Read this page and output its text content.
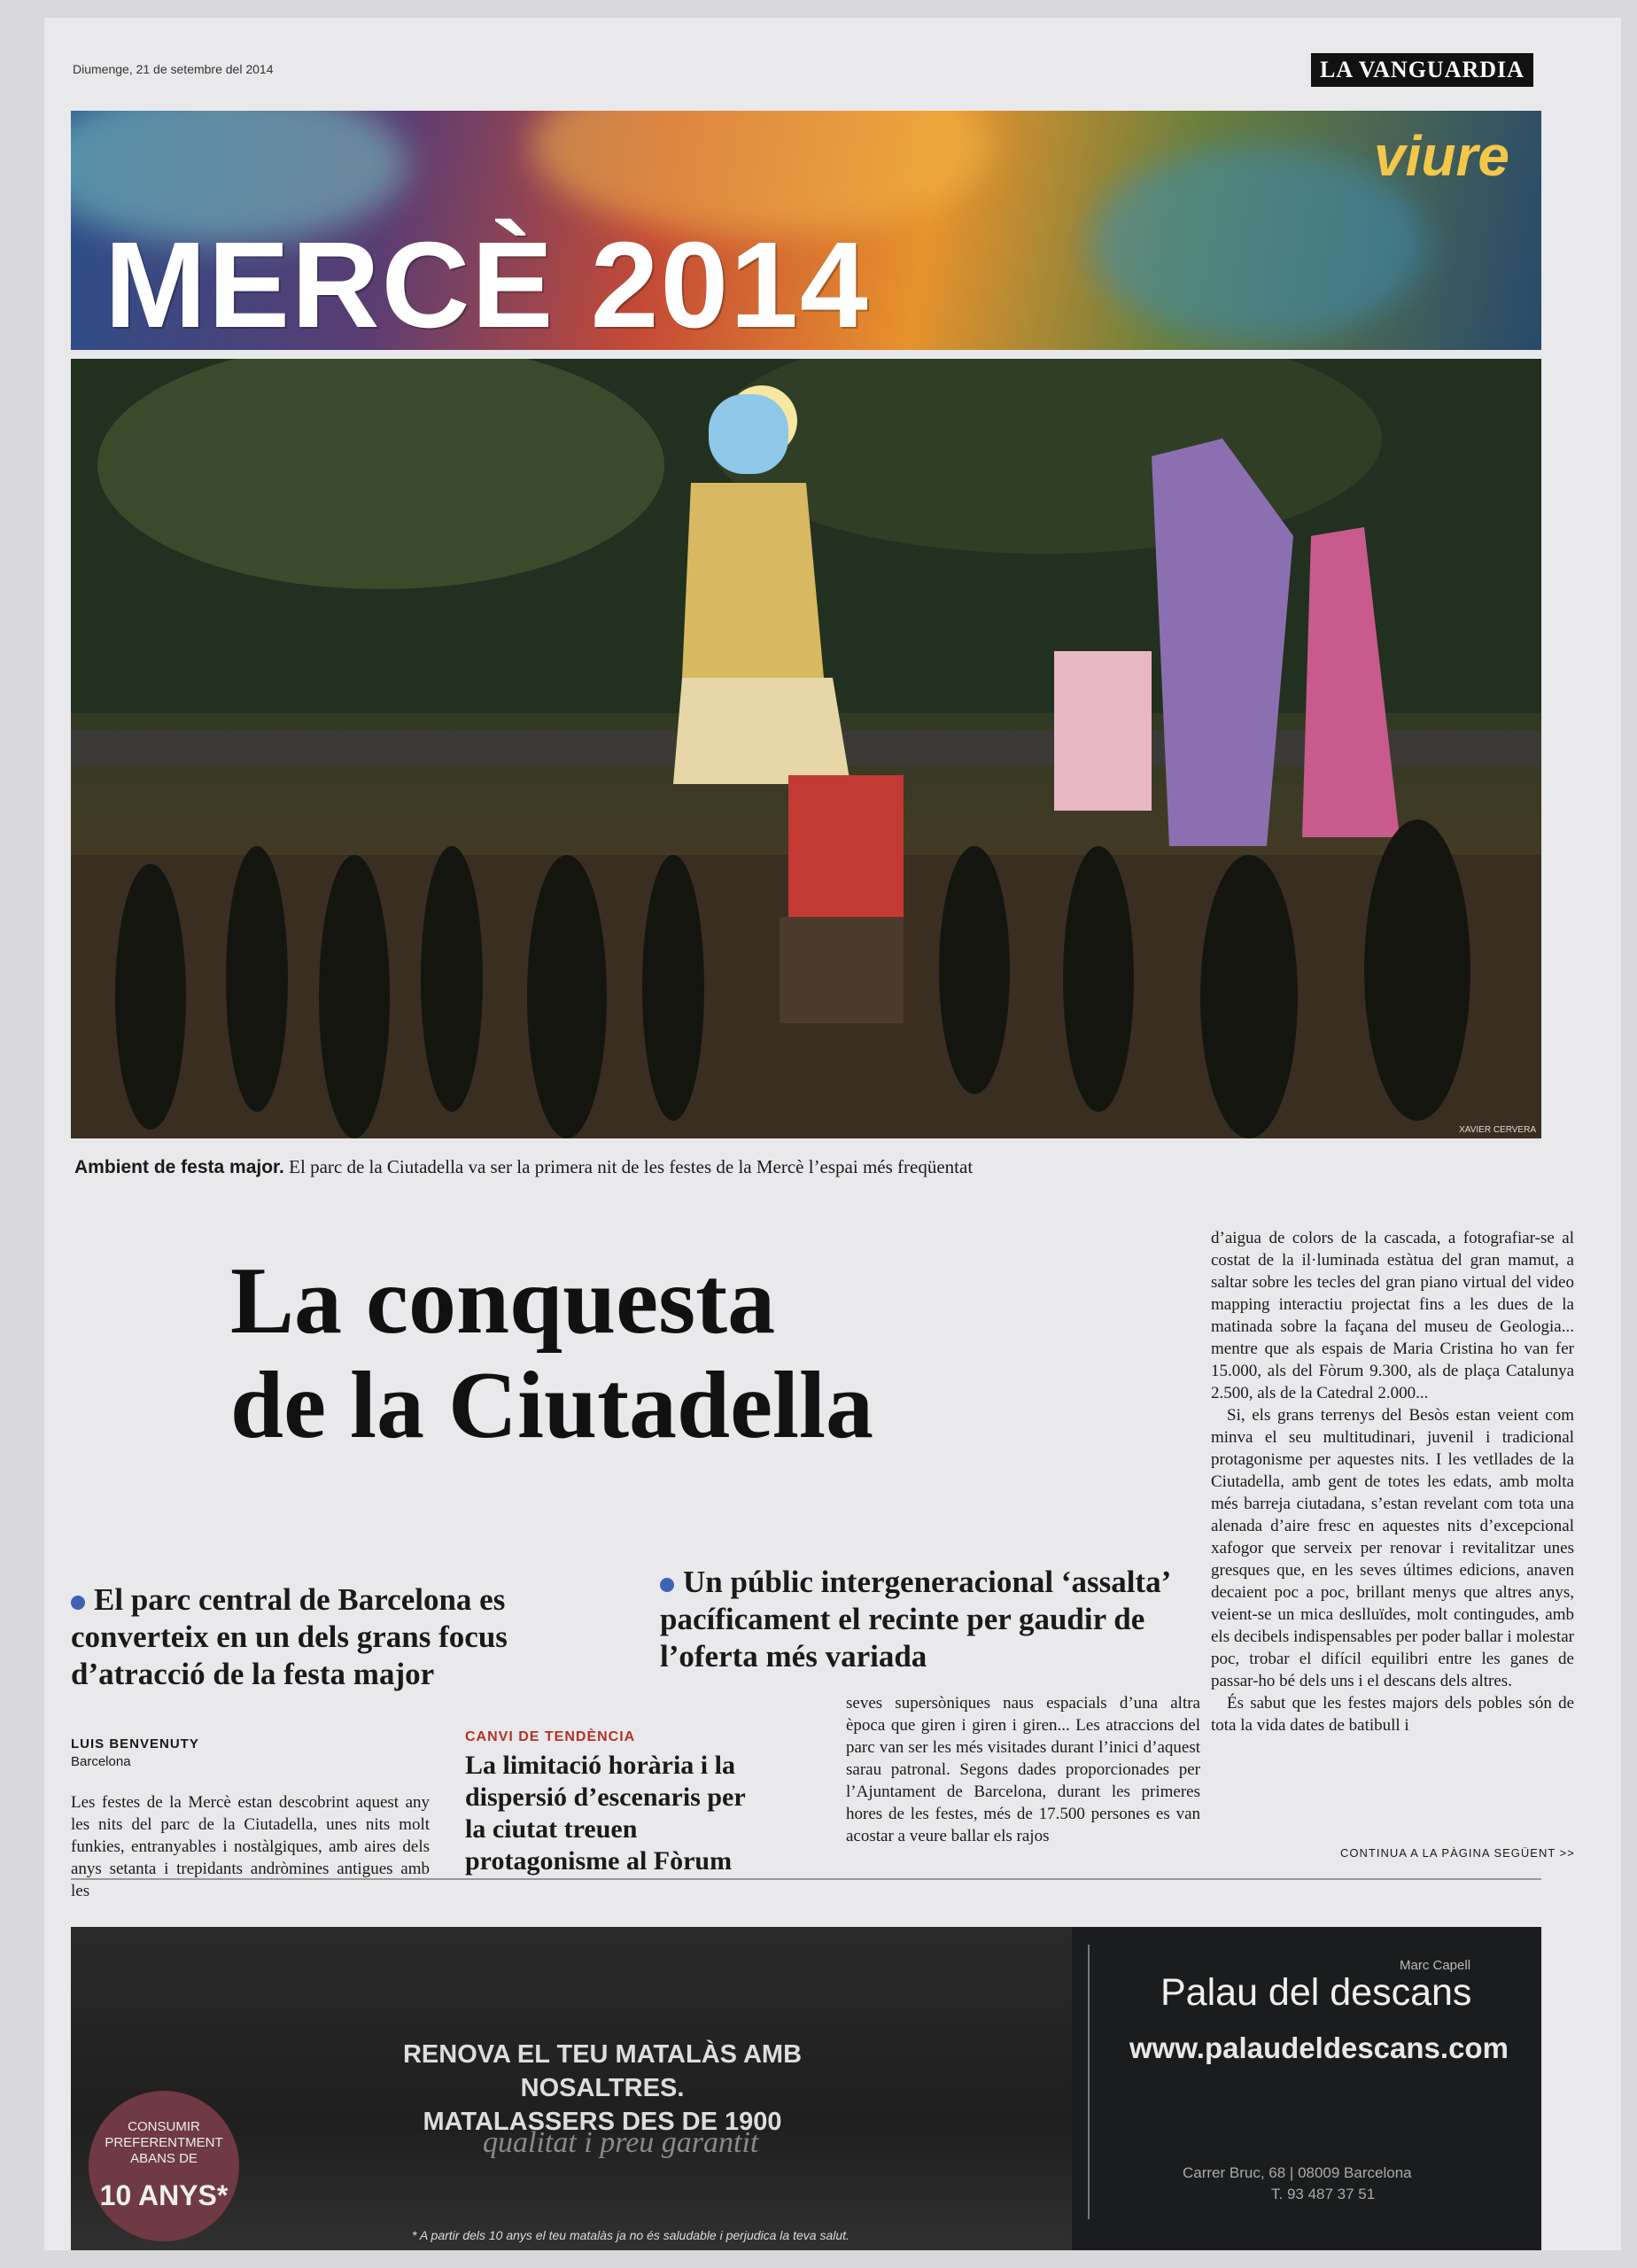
Diumenge, 21 de setembre del 2014	LA VANGUARDIA
viure
MERCÈ 2014
XAVIER CERVERA
Ambient de festa major. El parc de la Ciutadella va ser la primera nit de les festes de la Mercè l’espai més freqüentat
La conquesta
de la Ciutadella
El parc central de Barcelona es converteix en un dels grans focus d’atracció de la festa major
Un públic intergeneracional ‘assalta’ pacíficament el recinte per gaudir de l’oferta més variada
LUIS BENVENUTY
Barcelona
Les festes de la Mercè estan descobrint aquest any les nits del parc de la Ciutadella, unes nits molt funkies, entranyables i nostàlgiques, amb aires dels anys setanta i trepidants andròmines antigues amb les
CANVI DE TENDÈNCIA
La limitació horària i la dispersió d’escenaris per la ciutat treuen protagonisme al Fòrum
seves supersòniques naus espacials d’una altra època que giren i giren i giren... Les atraccions del parc van ser les més visitades durant l’inici d’aquest sarau patronal. Segons dades proporcionades per l’Ajuntament de Barcelona, durant les primeres hores de les festes, més de 17.500 persones es van acostar a veure ballar els rajos
d’aigua de colors de la cascada, a fotografiar-se al costat de la il·luminada estàtua del gran mamut, a saltar sobre les tecles del gran piano virtual del video mapping interactiu projectat fins a les dues de la matinada sobre la façana del museu de Geologia... mentre que als espais de Maria Cristina ho van fer 15.000, als del Fòrum 9.300, als de plaça Catalunya 2.500, als de la Catedral 2.000...
Si, els grans terrenys del Besòs estan veient com minva el seu multitudinari, juvenil i tradicional protagonisme per aquestes nits. I les vetllades de la Ciutadella, amb gent de totes les edats, amb molta més barreja ciutadana, s’estan revelant com tota una alenada d’aire fresc en aquestes nits d’excepcional xafogor que serveix per renovar i revitalitzar unes gresques que, en les seves últimes edicions, anaven decaient poc a poc, brillant menys que altres anys, veient-se un mica deslluïdes, molt contingudes, amb els decibels indispensables per poder ballar i molestar poc, trobar el difícil equilibri entre les ganes de passar-ho bé dels uns i el descans dels altres.
És sabut que les festes majors dels pobles són de tota la vida dates de batibull i
CONTINUA A LA PÀGINA SEGÜENT >>
CONSUMIR PREFERENTMENT ABANS DE
10 ANYS*
RENOVA EL TEU MATALÀS AMB NOSALTRES.
MATALASSERS DES DE 1900
qualitat i preu garantit
* A partir dels 10 anys el teu matalàs ja no és saludable i perjudica la teva salut.
Marc Capell
Palau del descans
www.palaudeldescans.com
Carrer Bruc, 68 | 08009 Barcelona
T. 93 487 37 51
